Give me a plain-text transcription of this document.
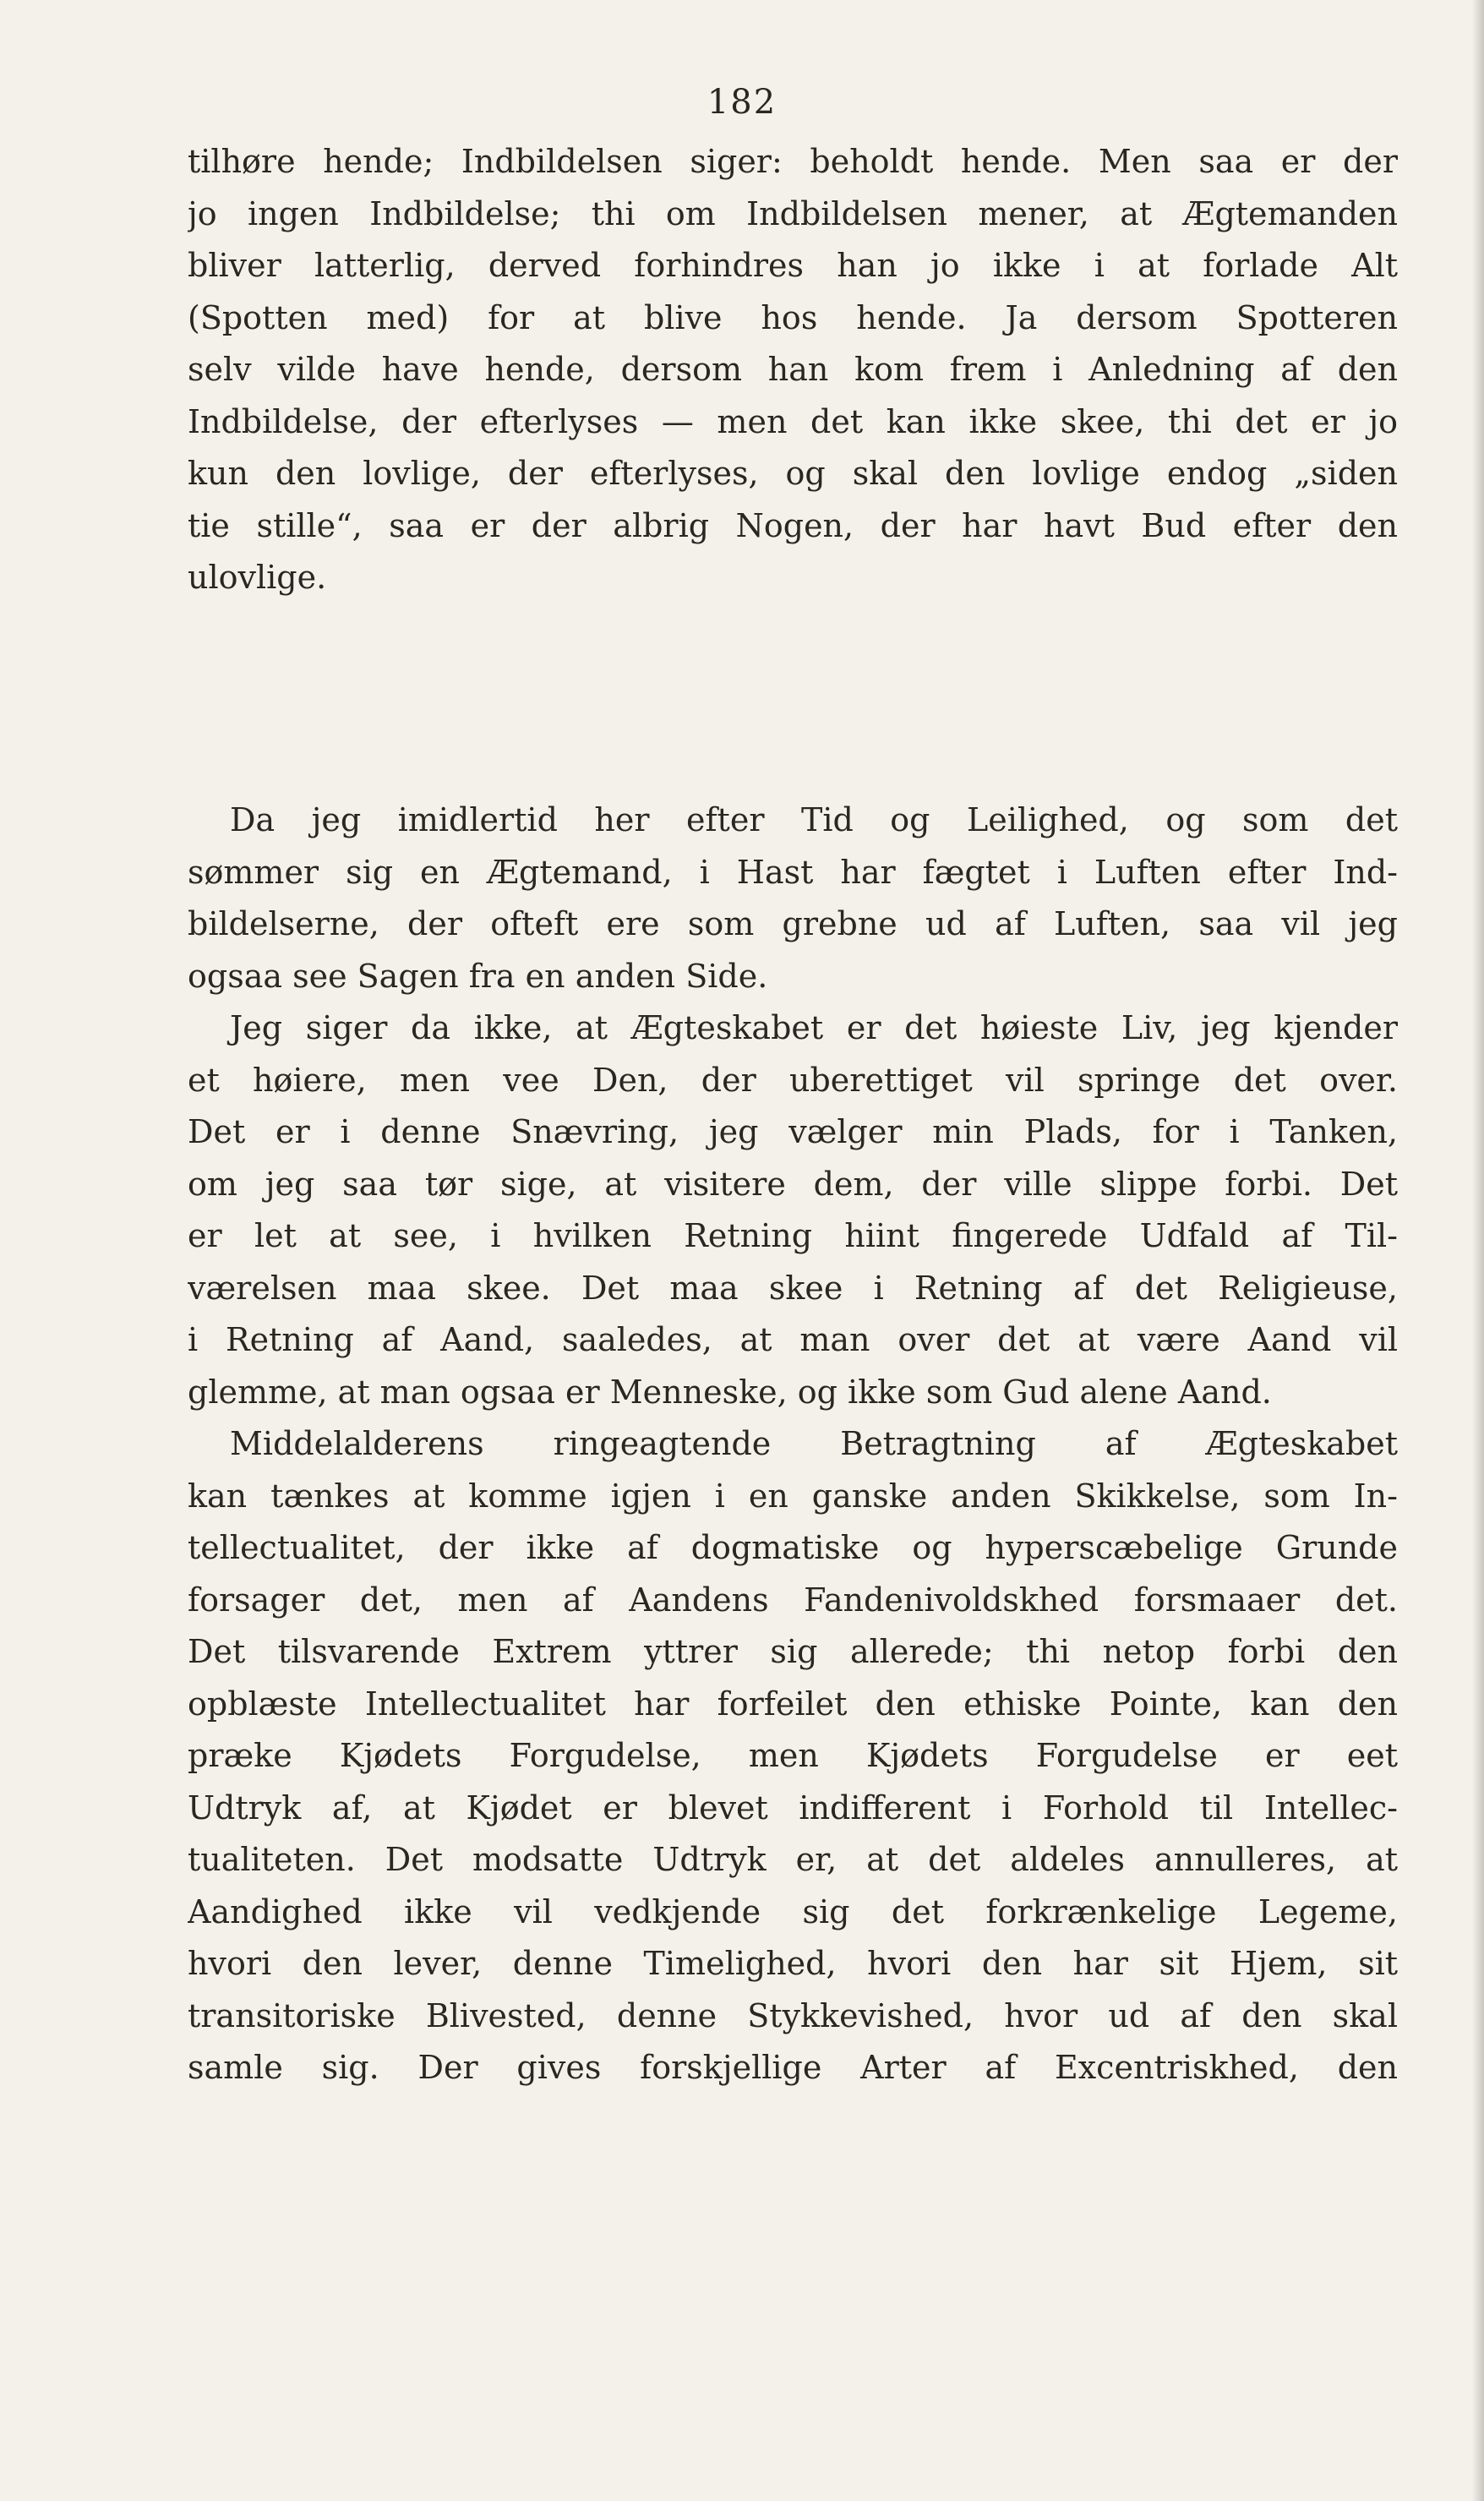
182
tilhøre hende; Indbildelsen siger: beholdt hende. Men saa er der
jo ingen Indbildelse; thi om Indbildelsen mener, at Ægtemanden
bliver latterlig, derved forhindres han jo ikke i at forlade Alt
(Spotten med) for at blive hos hende. Ja dersom Spotteren
selv vilde have hende, dersom han kom frem i Anledning af den
Indbildelse, der efterlyses — men det kan ikke skee, thi det er jo
kun den lovlige, der efterlyses, og skal den lovlige endog „siden
tie stille“, saa er der albrig Nogen, der har havt Bud efter den
ulovlige.
Da jeg imidlertid her efter Tid og Leilighed, og som det
sømmer sig en Ægtemand, i Hast har fægtet i Luften efter Ind-
bildelserne, der ofteft ere som grebne ud af Luften, saa vil jeg
ogsaa see Sagen fra en anden Side.
Jeg siger da ikke, at Ægteskabet er det høieste Liv, jeg kjender
et høiere, men vee Den, der uberettiget vil springe det over.
Det er i denne Snævring, jeg vælger min Plads, for i Tanken,
om jeg saa tør sige, at visitere dem, der ville slippe forbi. Det
er let at see, i hvilken Retning hiint fingerede Udfald af Til-
værelsen maa skee. Det maa skee i Retning af det Religieuse,
i Retning af Aand, saaledes, at man over det at være Aand vil
glemme, at man ogsaa er Menneske, og ikke som Gud alene Aand.
Middelalderens ringeagtende Betragtning af Ægteskabet
kan tænkes at komme igjen i en ganske anden Skikkelse, som In-
tellectualitet, der ikke af dogmatiske og hyperscæbelige Grunde
forsager det, men af Aandens Fandenivoldskhed forsmaaer det.
Det tilsvarende Extrem yttrer sig allerede; thi netop forbi den
opblæste Intellectualitet har forfeilet den ethiske Pointe, kan den
præke Kjødets Forgudelse, men Kjødets Forgudelse er eet
Udtryk af, at Kjødet er blevet indifferent i Forhold til Intellec-
tualiteten. Det modsatte Udtryk er, at det aldeles annulleres, at
Aandighed ikke vil vedkjende sig det forkrænkelige Legeme,
hvori den lever, denne Timelighed, hvori den har sit Hjem, sit
transitoriske Blivested, denne Stykkevished, hvor ud af den skal
samle sig. Der gives forskjellige Arter af Excentriskhed, den
